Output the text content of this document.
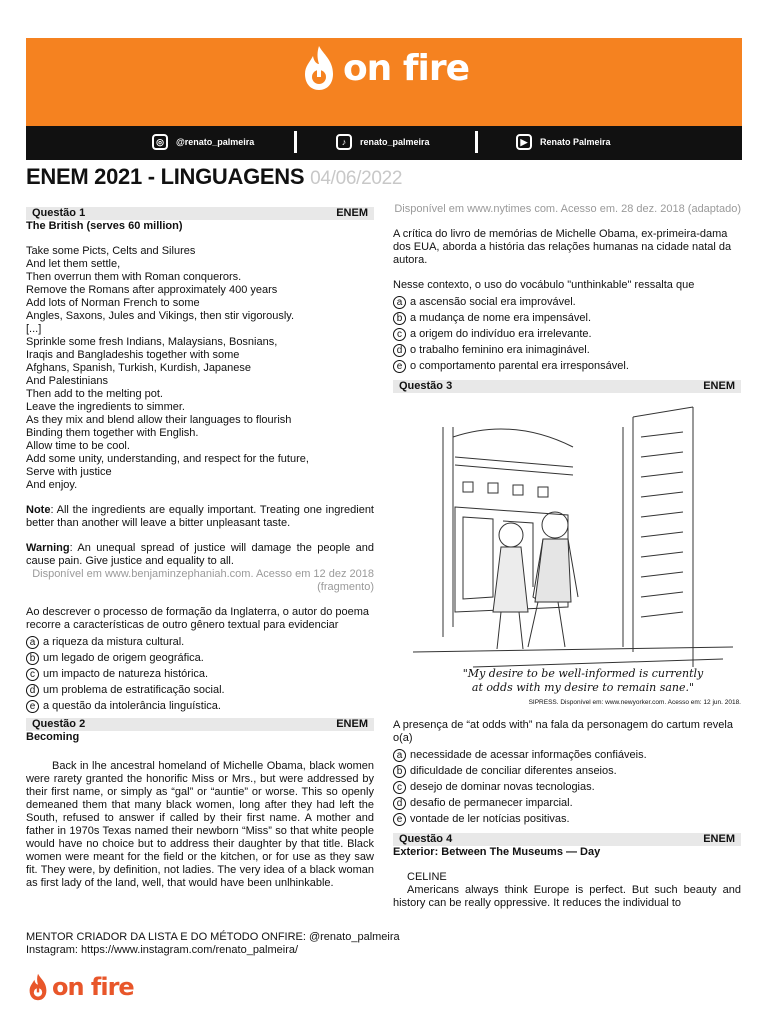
on fire
◎	@renato_palmeira	♪	renato_palmeira	▶	Renato Palmeira
ENEM 2021 - LINGUAGENS 04/06/2022
Questão 1	ENEM
The British (serves 60 million)
Take some Picts, Celts and Silures
And let them settle,
Then overrun them with Roman conquerors.
Remove the Romans after approximately 400 years
Add lots of Norman French to some
Angles, Saxons, Jules and Vikings, then stir vigorously.
[...]
Sprinkle some fresh Indians, Malaysians, Bosnians,
Iraqis and Bangladeshis together with some
Afghans, Spanish, Turkish, Kurdish, Japanese
And Palestinians
Then add to the melting pot.
Leave the ingredients to simmer.
As they mix and blend allow their languages to flourish
Binding them together with English.
Allow time to be cool.
Add some unity, understanding, and respect for the future,
Serve with justice
And enjoy.
Note: All the ingredients are equally important. Treating one ingredient better than another will leave a bitter unpleasant taste.
Warning: An unequal spread of justice will damage the people and cause pain. Give justice and equality to all.
Disponível em www.benjaminzephaniah.com. Acesso em 12 dez 2018 (fragmento)
Ao descrever o processo de formação da Inglaterra, o autor do poema recorre a características de outro gênero textual para evidenciar
a a riqueza da mistura cultural.
b um legado de origem geográfica.
c um impacto de natureza histórica.
d um problema de estratificação social.
e a questão da intolerância linguística.
Questão 2	ENEM
Becoming
Back in lhe ancestral homeland of Michelle Obama, black women were rarety granted the honorific Miss or Mrs., but were addressed by their first name, or simply as “gal” or “auntie” or worse. This so openly demeaned them that many black women, long after they had left the South, refused to answer if called by their first name. A mother and father in 1970s Texas named their newborn “Miss” so that white people would have no choice but to address their daughter by that title. Black women were meant for the field or the kitchen, or for use as they saw fit. They were, by definition, not ladies. The very idea of a black woman as first lady of the land, well, that would have been unlhinkable.
Disponível em www.nytimes com. Acesso em. 28 dez. 2018 (adaptado)
A crítica do livro de memórias de Michelle Obama, ex-primeira-dama dos EUA, aborda a história das relações humanas na cidade natal da autora.
Nesse contexto, o uso do vocábulo "unthinkable" ressalta que
a a ascensão social era improvável.
b a mudança de nome era impensável.
c a origem do indivíduo era irrelevante.
d o trabalho feminino era inimaginável.
e o comportamento parental era irresponsável.
Questão 3	ENEM
"My desire to be well-informed is currently
at odds with my desire to remain sane."
SIPRESS. Disponível em: www.newyorker.com. Acesso em: 12 jun. 2018.
A presença de “at odds with” na fala da personagem do cartum revela o(a)
a necessidade de acessar informações confiáveis.
b dificuldade de conciliar diferentes anseios.
c desejo de dominar novas tecnologias.
d desafio de permanecer imparcial.
e vontade de ler notícias positivas.
Questão 4	ENEM
Exterior: Between The Museums — Day
CELINE
Americans always think Europe is perfect. But such beauty and history can be really oppressive. It reduces the individual to
MENTOR CRIADOR DA LISTA E DO MÉTODO ONFIRE: @renato_palmeira
Instagram: https://www.instagram.com/renato_palmeira/
on fire
